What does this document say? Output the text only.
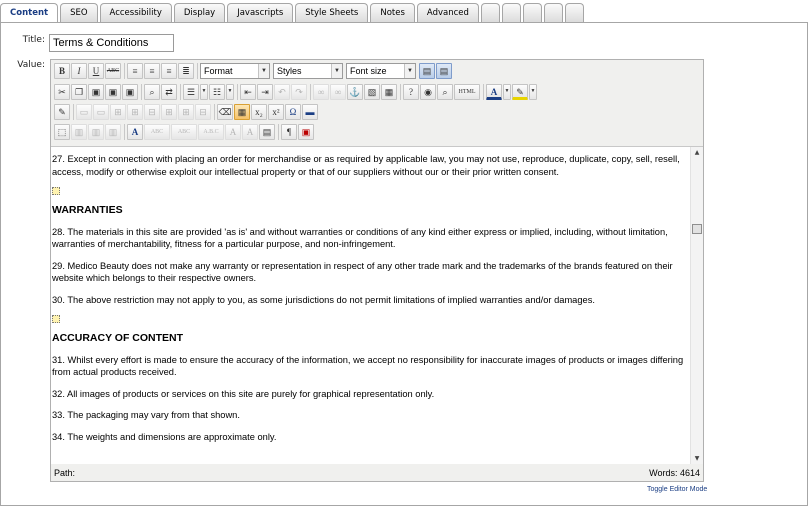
Content	SEO	Accessibility	Display	Javascripts	Style Sheets	Notes	Advanced
Title:
Terms & Conditions
Value:
B	I	U	ABC	≡	≡	≡	≣	Format	▼	Styles	▼	Font size	▼	▤ ▤
✂	❐ ▣ ▣ ▣	⌕	⇄	☰	▼ ☷	▼	⇤	⇥	↶	↷	∞	∞ ⚓ ▧ ▦	?	◉	⌕	HTML	A	▼ ✎	▼
✎	▭ ▭ ⊞	⊞	⊟	⊞	⊞	⊟	⌫ ▦ x₂	x²	Ω	▬
⬚ ▥ ▥ ▥	A	ABC	ABC	A.B.C	A	A	▤	¶	▣
27. Except in connection with placing an order for merchandise or as required by applicable law, you may not use, reproduce, duplicate, copy, sell, resell, access, modify or otherwise exploit our intellectual property or that of our suppliers without our or their prior written consent.
WARRANTIES
28. The materials in this site are provided 'as is' and without warranties or conditions of any kind either express or implied, including, without limitation, warranties of merchantability, fitness for a particular purpose, and non-infringement.
29. Medico Beauty does not make any warranty or representation in respect of any other trade mark and the trademarks of the brands featured on their website which belongs to their respective owners.
30. The above restriction may not apply to you, as some jurisdictions do not permit limitations of implied warranties and/or damages.
ACCURACY OF CONTENT
31. Whilst every effort is made to ensure the accuracy of the information, we accept no responsibility for inaccurate images of products or images differing from actual products received.
32. All images of products or services on this site are purely for graphical representation only.
33. The packaging may vary from that shown.
34. The weights and dimensions are approximate only.
▲
▼
Path:	Words: 4614
Toggle Editor Mode
